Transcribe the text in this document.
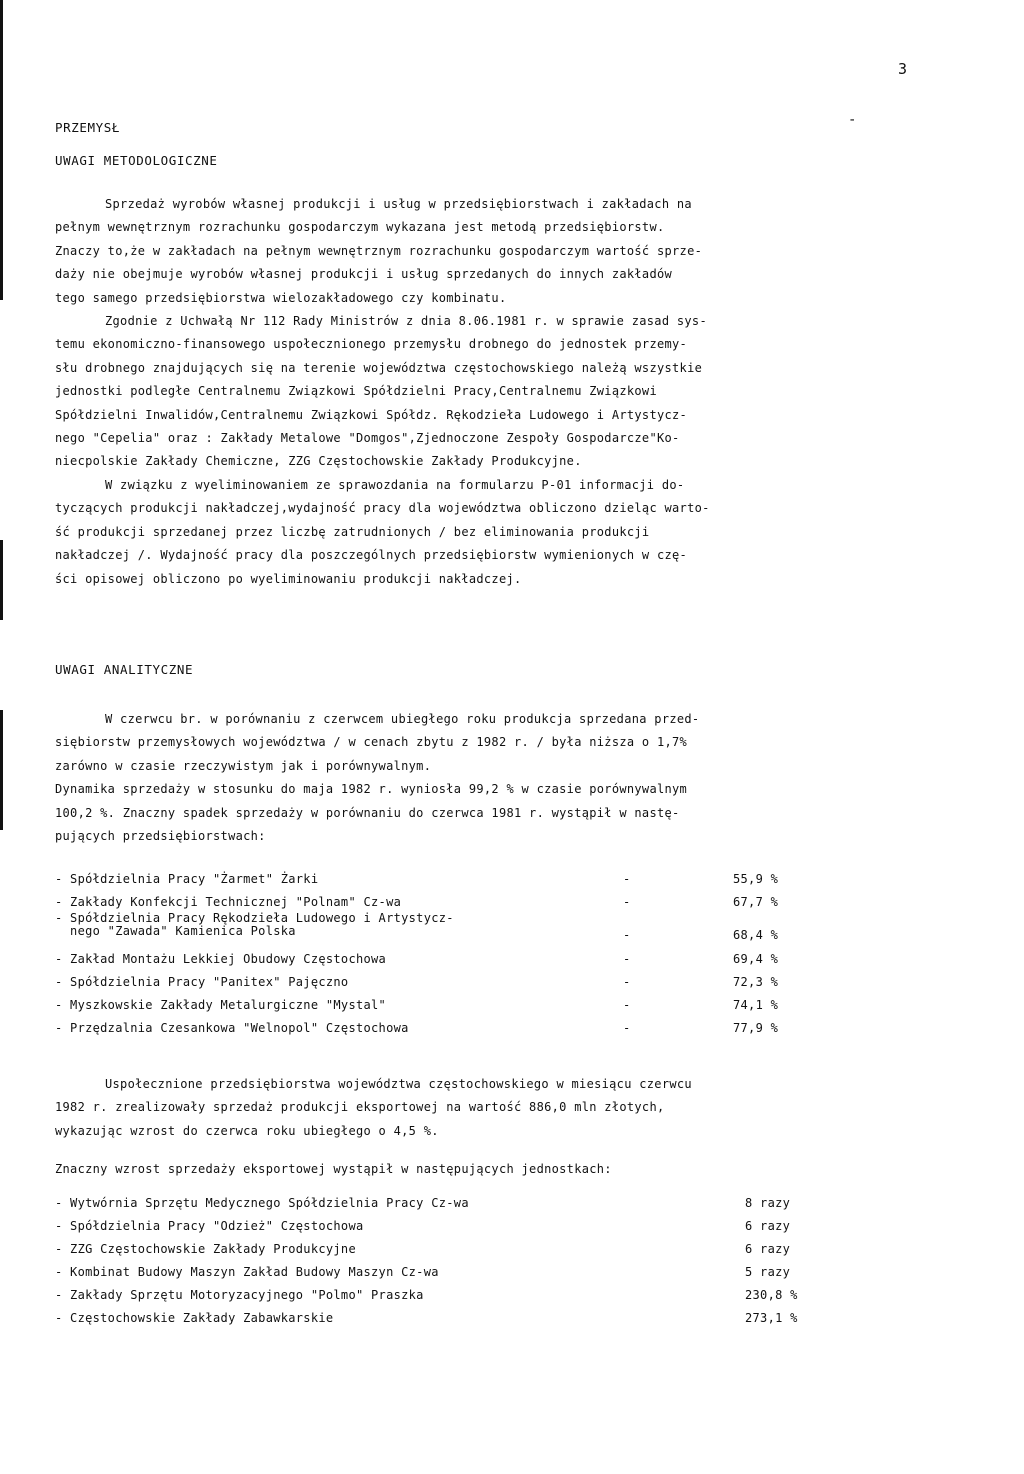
3
PRZEMYSŁ	-
UWAGI METODOLOGICZNE

Sprzedaż wyrobów własnej produkcji i usług w przedsiębiorstwach i zakładach na

pełnym wewnętrznym rozrachunku gospodarczym wykazana jest metodą przedsiębiorstw.

Znaczy to,że w zakładach na pełnym wewnętrznym rozrachunku gospodarczym wartość sprze-

daży nie obejmuje wyrobów własnej produkcji i usług sprzedanych do innych zakładów

tego samego przedsiębiorstwa wielozakładowego czy kombinatu.

Zgodnie z Uchwałą Nr 112 Rady Ministrów z dnia 8.06.1981 r. w sprawie zasad sys-

temu ekonomiczno-finansowego uspołecznionego przemysłu drobnego do jednostek przemy-

słu drobnego znajdujących się na terenie województwa częstochowskiego należą wszystkie

jednostki podległe Centralnemu Związkowi Spółdzielni Pracy,Centralnemu Związkowi

Spółdzielni Inwalidów,Centralnemu Związkowi Spółdz. Rękodzieła Ludowego i Artystycz-

nego "Cepelia" oraz : Zakłady Metalowe "Domgos",Zjednoczone Zespoły Gospodarcze"Ko-

niecpolskie Zakłady Chemiczne, ZZG Częstochowskie Zakłady Produkcyjne.

W związku z wyeliminowaniem ze sprawozdania na formularzu P-01 informacji do-

tyczących produkcji nakładczej,wydajność pracy dla województwa obliczono dzieląc warto-

ść produkcji sprzedanej przez liczbę zatrudnionych / bez eliminowania produkcji

nakładczej /. Wydajność pracy dla poszczególnych przedsiębiorstw wymienionych w czę-

ści opisowej obliczono po wyeliminowaniu produkcji nakładczej.

UWAGI ANALITYCZNE

W czerwcu br. w porównaniu z czerwcem ubiegłego roku produkcja sprzedana przed-

siębiorstw przemysłowych województwa / w cenach zbytu z 1982 r. / była niższa o 1,7%

zarówno w czasie rzeczywistym jak i porównywalnym.

Dynamika sprzedaży w stosunku do maja 1982 r. wyniosła 99,2 % w czasie porównywalnym

100,2 %. Znaczny spadek sprzedaży w porównaniu do czerwca 1981 r. wystąpił w nastę-

pujących przedsiębiorstwach:

- Spółdzielnia Pracy "Żarmet" Żarki	-	55,9 %
- Zakłady Konfekcji Technicznej "Polnam" Cz-wa	-	67,7 %
- Spółdzielnia Pracy Rękodzieła Ludowego i Artystycz-
nego "Zawada" Kamienica Polska	-	68,4 %
- Zakład Montażu Lekkiej Obudowy Częstochowa	-	69,4 %
- Spółdzielnia Pracy "Panitex" Pajęczno	-	72,3 %
- Myszkowskie Zakłady Metalurgiczne "Mystal"	-	74,1 %
- Przędzalnia Czesankowa "Welnopol" Częstochowa	-	77,9 %

Uspołecznione przedsiębiorstwa województwa częstochowskiego w miesiącu czerwcu

1982 r. zrealizowały sprzedaż produkcji eksportowej na wartość 886,0 mln złotych,

wykazując wzrost do czerwca roku ubiegłego o 4,5 %.

Znaczny wzrost sprzedaży eksportowej wystąpił w następujących jednostkach:

- Wytwórnia Sprzętu Medycznego Spółdzielnia Pracy Cz-wa	8 razy
- Spółdzielnia Pracy "Odzież" Częstochowa	6 razy
- ZZG Częstochowskie Zakłady Produkcyjne	6 razy
- Kombinat Budowy Maszyn Zakład Budowy Maszyn Cz-wa	5 razy
- Zakłady Sprzętu Motoryzacyjnego "Polmo" Praszka	230,8 %
- Częstochowskie Zakłady Zabawkarskie	273,1 %
